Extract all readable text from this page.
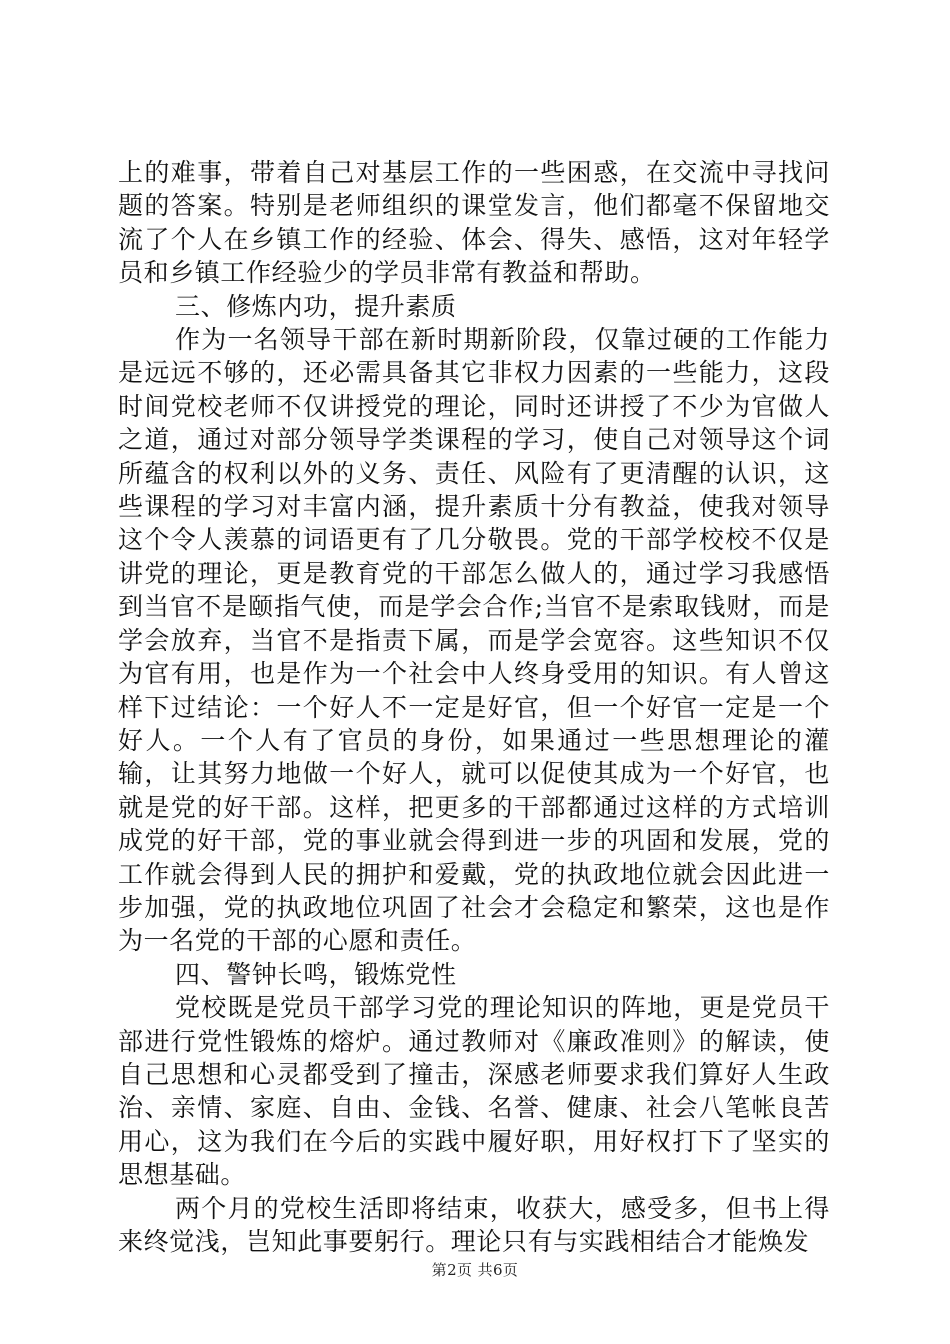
上的难事，带着自己对基层工作的一些困惑，在交流中寻找问题的答案。特别是老师组织的课堂发言，他们都毫不保留地交流了个人在乡镇工作的经验、体会、得失、感悟，这对年轻学员和乡镇工作经验少的学员非常有教益和帮助。

三、修炼内功，提升素质

作为一名领导干部在新时期新阶段，仅靠过硬的工作能力是远远不够的，还必需具备其它非权力因素的一些能力，这段时间党校老师不仅讲授党的理论，同时还讲授了不少为官做人之道，通过对部分领导学类课程的学习，使自己对领导这个词所蕴含的权利以外的义务、责任、风险有了更清醒的认识，这些课程的学习对丰富内涵，提升素质十分有教益，使我对领导这个令人羡慕的词语更有了几分敬畏。党的干部学校校不仅是讲党的理论，更是教育党的干部怎么做人的，通过学习我感悟到当官不是颐指气使，而是学会合作;当官不是索取钱财，而是学会放弃，当官不是指责下属，而是学会宽容。这些知识不仅为官有用，也是作为一个社会中人终身受用的知识。有人曾这样下过结论：一个好人不一定是好官，但一个好官一定是一个好人。一个人有了官员的身份，如果通过一些思想理论的灌输，让其努力地做一个好人，就可以促使其成为一个好官，也就是党的好干部。这样，把更多的干部都通过这样的方式培训成党的好干部，党的事业就会得到进一步的巩固和发展，党的工作就会得到人民的拥护和爱戴，党的执政地位就会因此进一步加强，党的执政地位巩固了社会才会稳定和繁荣，这也是作为一名党的干部的心愿和责任。

四、警钟长鸣，锻炼党性

党校既是党员干部学习党的理论知识的阵地，更是党员干部进行党性锻炼的熔炉。通过教师对《廉政准则》的解读，使自己思想和心灵都受到了撞击，深感老师要求我们算好人生政治、亲情、家庭、自由、金钱、名誉、健康、社会八笔帐良苦用心，这为我们在今后的实践中履好职，用好权打下了坚实的思想基础。

两个月的党校生活即将结束，收获大，感受多，但书上得来终觉浅，岂知此事要躬行。理论只有与实践相结合才能焕发

第2页 共6页
